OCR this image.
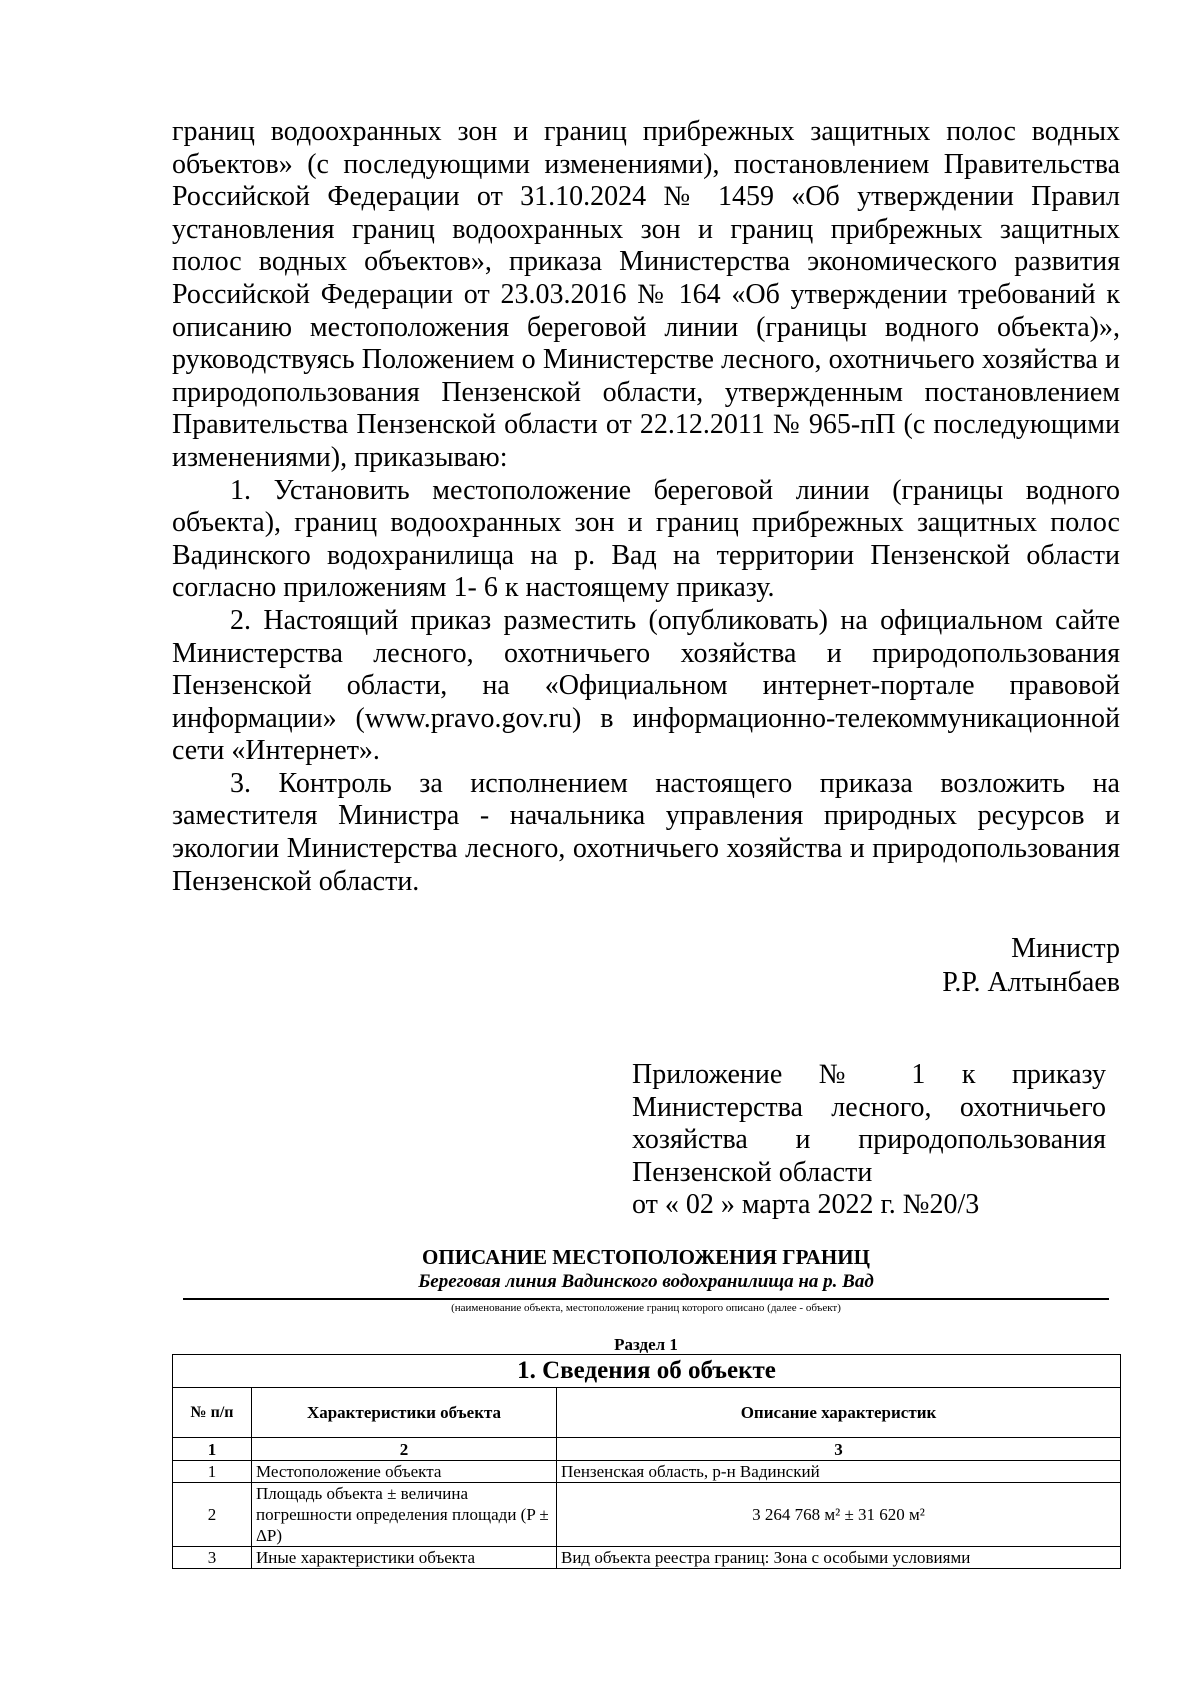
границ водоохранных зон и границ прибрежных защитных полос водных объектов» (с последующими изменениями), постановлением Правительства Российской Федерации от 31.10.2024 № 1459 «Об утверждении Правил установления границ водоохранных зон и границ прибрежных защитных полос водных объектов», приказа Министерства экономического развития Российской Федерации от 23.03.2016 № 164 «Об утверждении требований к описанию местоположения береговой линии (границы водного объекта)», руководствуясь Положением о Министерстве лесного, охотничьего хозяйства и природопользования Пензенской области, утвержденным постановлением Правительства Пензенской области от 22.12.2011 № 965-пП (с последующими изменениями), приказываю:

1. Установить местоположение береговой линии (границы водного объекта), границ водоохранных зон и границ прибрежных защитных полос Вадинского водохранилища на р. Вад на территории Пензенской области согласно приложениям 1- 6 к настоящему приказу.

2. Настоящий приказ разместить (опубликовать) на официальном сайте Министерства лесного, охотничьего хозяйства и природопользования Пензенской области, на «Официальном интернет-портале правовой информации» (www.pravo.gov.ru) в информационно-телекоммуникационной сети «Интернет».

3. Контроль за исполнением настоящего приказа возложить на заместителя Министра - начальника управления природных ресурсов и экологии Министерства лесного, охотничьего хозяйства и природопользования Пензенской области.

Министр
Р.Р. Алтынбаев
Приложение № 1 к приказу
Министерства лесного, охотничьего
хозяйства и природопользования
Пензенской области
от « 02 » марта 2022 г. №20/3
ОПИСАНИЕ МЕСТОПОЛОЖЕНИЯ ГРАНИЦ
Береговая линия Вадинского водохранилища на р. Вад
(наименование объекта, местоположение границ которого описано (далее - объект)
Раздел 1
1. Сведения об объекте		
№ п/п	Характеристики объекта	Описание характеристик
1	2	3
1	Местоположение объекта	Пензенская область, р-н Вадинский
2	Площадь объекта ± величина погрешности определения площади (P ± ΔP)	3 264 768 м² ± 31 620 м²
3	Иные характеристики объекта	Вид объекта реестра границ: Зона с особыми условиями
